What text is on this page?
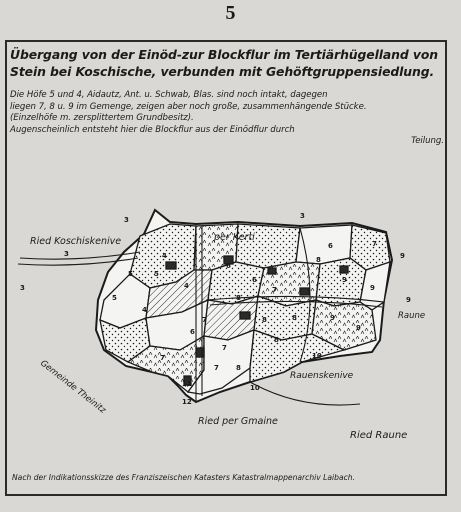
5
Übergang von der Einöd-zur Blockflur im Tertiärhügelland von
Stein bei Koschische, verbunden mit Gehöftgruppensiedlung.
Die Höfe 5 und 4, Aidautz, Ant. u. Schwab, Blas. sind noch intakt, dagegen
liegen 7, 8 u. 9 im Gemenge, zeigen aber noch große, zusammenhängende Stücke.
(Einzelhöfe m. zersplittertem Grundbesitz).
Augenscheinlich entsteht hier die Blockflur aus der Einödflur durch
Teilung.
3
3
3
3
4
5
6
7
8	9
4
5
6
7
8
9
7	8
6
7
8
9
10
10
11
12
7 8
9
7
4
9
6
5
8	9
Ried Koschiskenive	per Kerti
Raune
Rauenskenive
Gemeinde Theinitz
Ried per Gmaine
Ried Raune
Nach der Indikationsskizze des Franziszeischen Katasters Katastralmappenarchiv Laibach.
